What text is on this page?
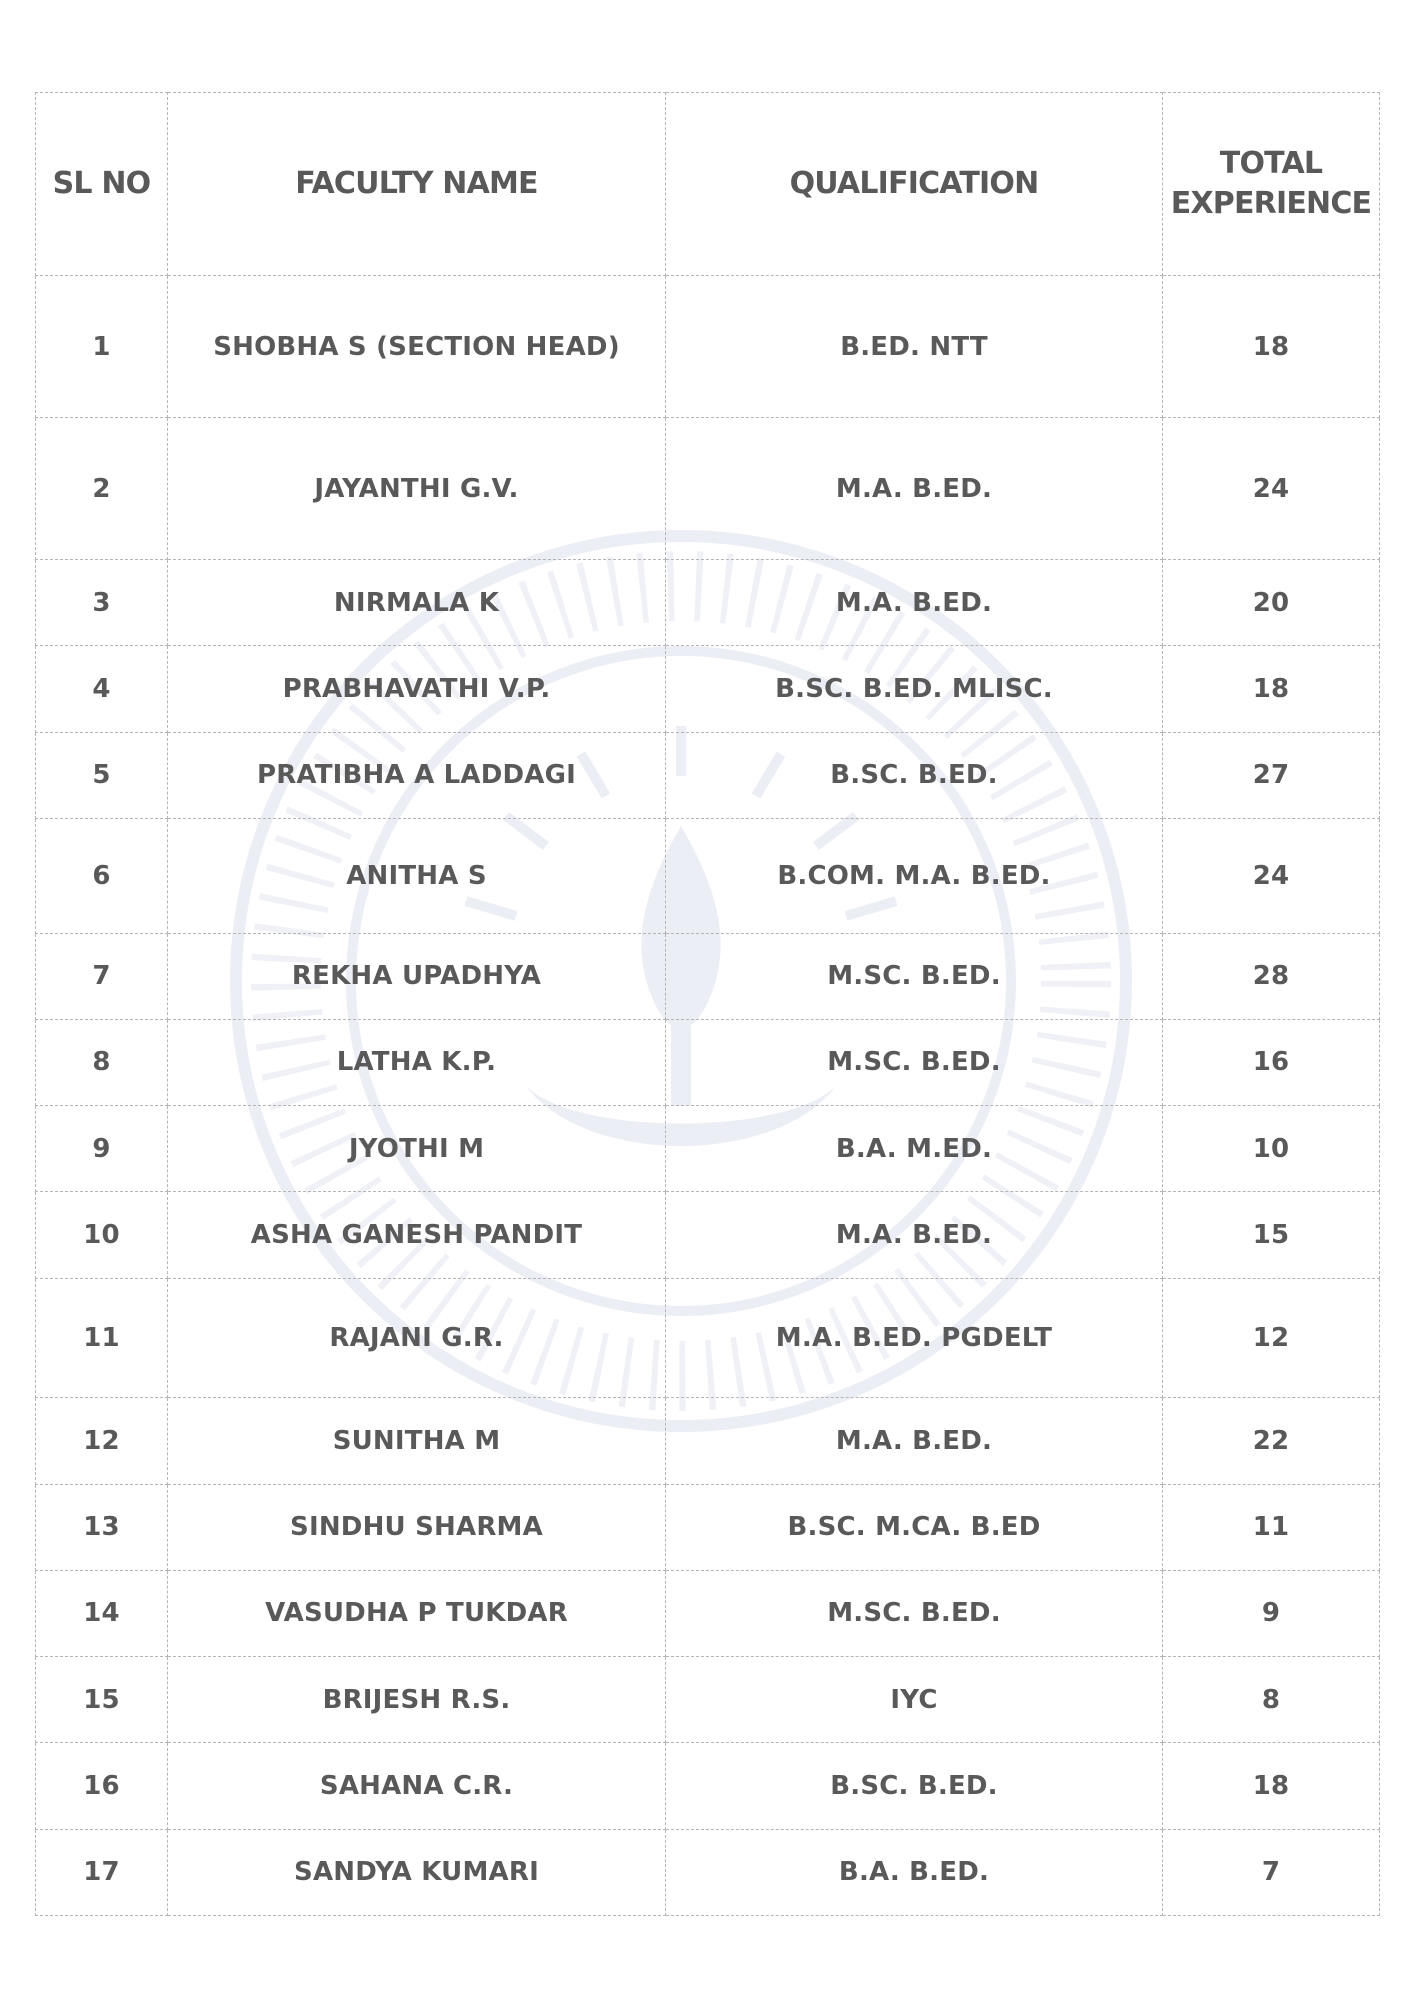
SL NO	FACULTY NAME	QUALIFICATION	TOTAL EXPERIENCE
1	SHOBHA S (SECTION HEAD)	B.ED. NTT	18
2	JAYANTHI G.V.	M.A. B.ED.	24
3	NIRMALA K	M.A. B.ED.	20
4	PRABHAVATHI V.P.	B.SC. B.ED. MLISC.	18
5	PRATIBHA A LADDAGI	B.SC. B.ED.	27
6	ANITHA S	B.COM. M.A. B.ED.	24
7	REKHA UPADHYA	M.SC. B.ED.	28
8	LATHA K.P.	M.SC. B.ED.	16
9	JYOTHI M	B.A. M.ED.	10
10	ASHA GANESH PANDIT	M.A. B.ED.	15
11	RAJANI G.R.	M.A. B.ED. PGDELT	12
12	SUNITHA M	M.A. B.ED.	22
13	SINDHU SHARMA	B.SC. M.CA. B.ED	11
14	VASUDHA P TUKDAR	M.SC. B.ED.	9
15	BRIJESH R.S.	IYC	8
16	SAHANA C.R.	B.SC. B.ED.	18
17	SANDYA KUMARI	B.A. B.ED.	7
